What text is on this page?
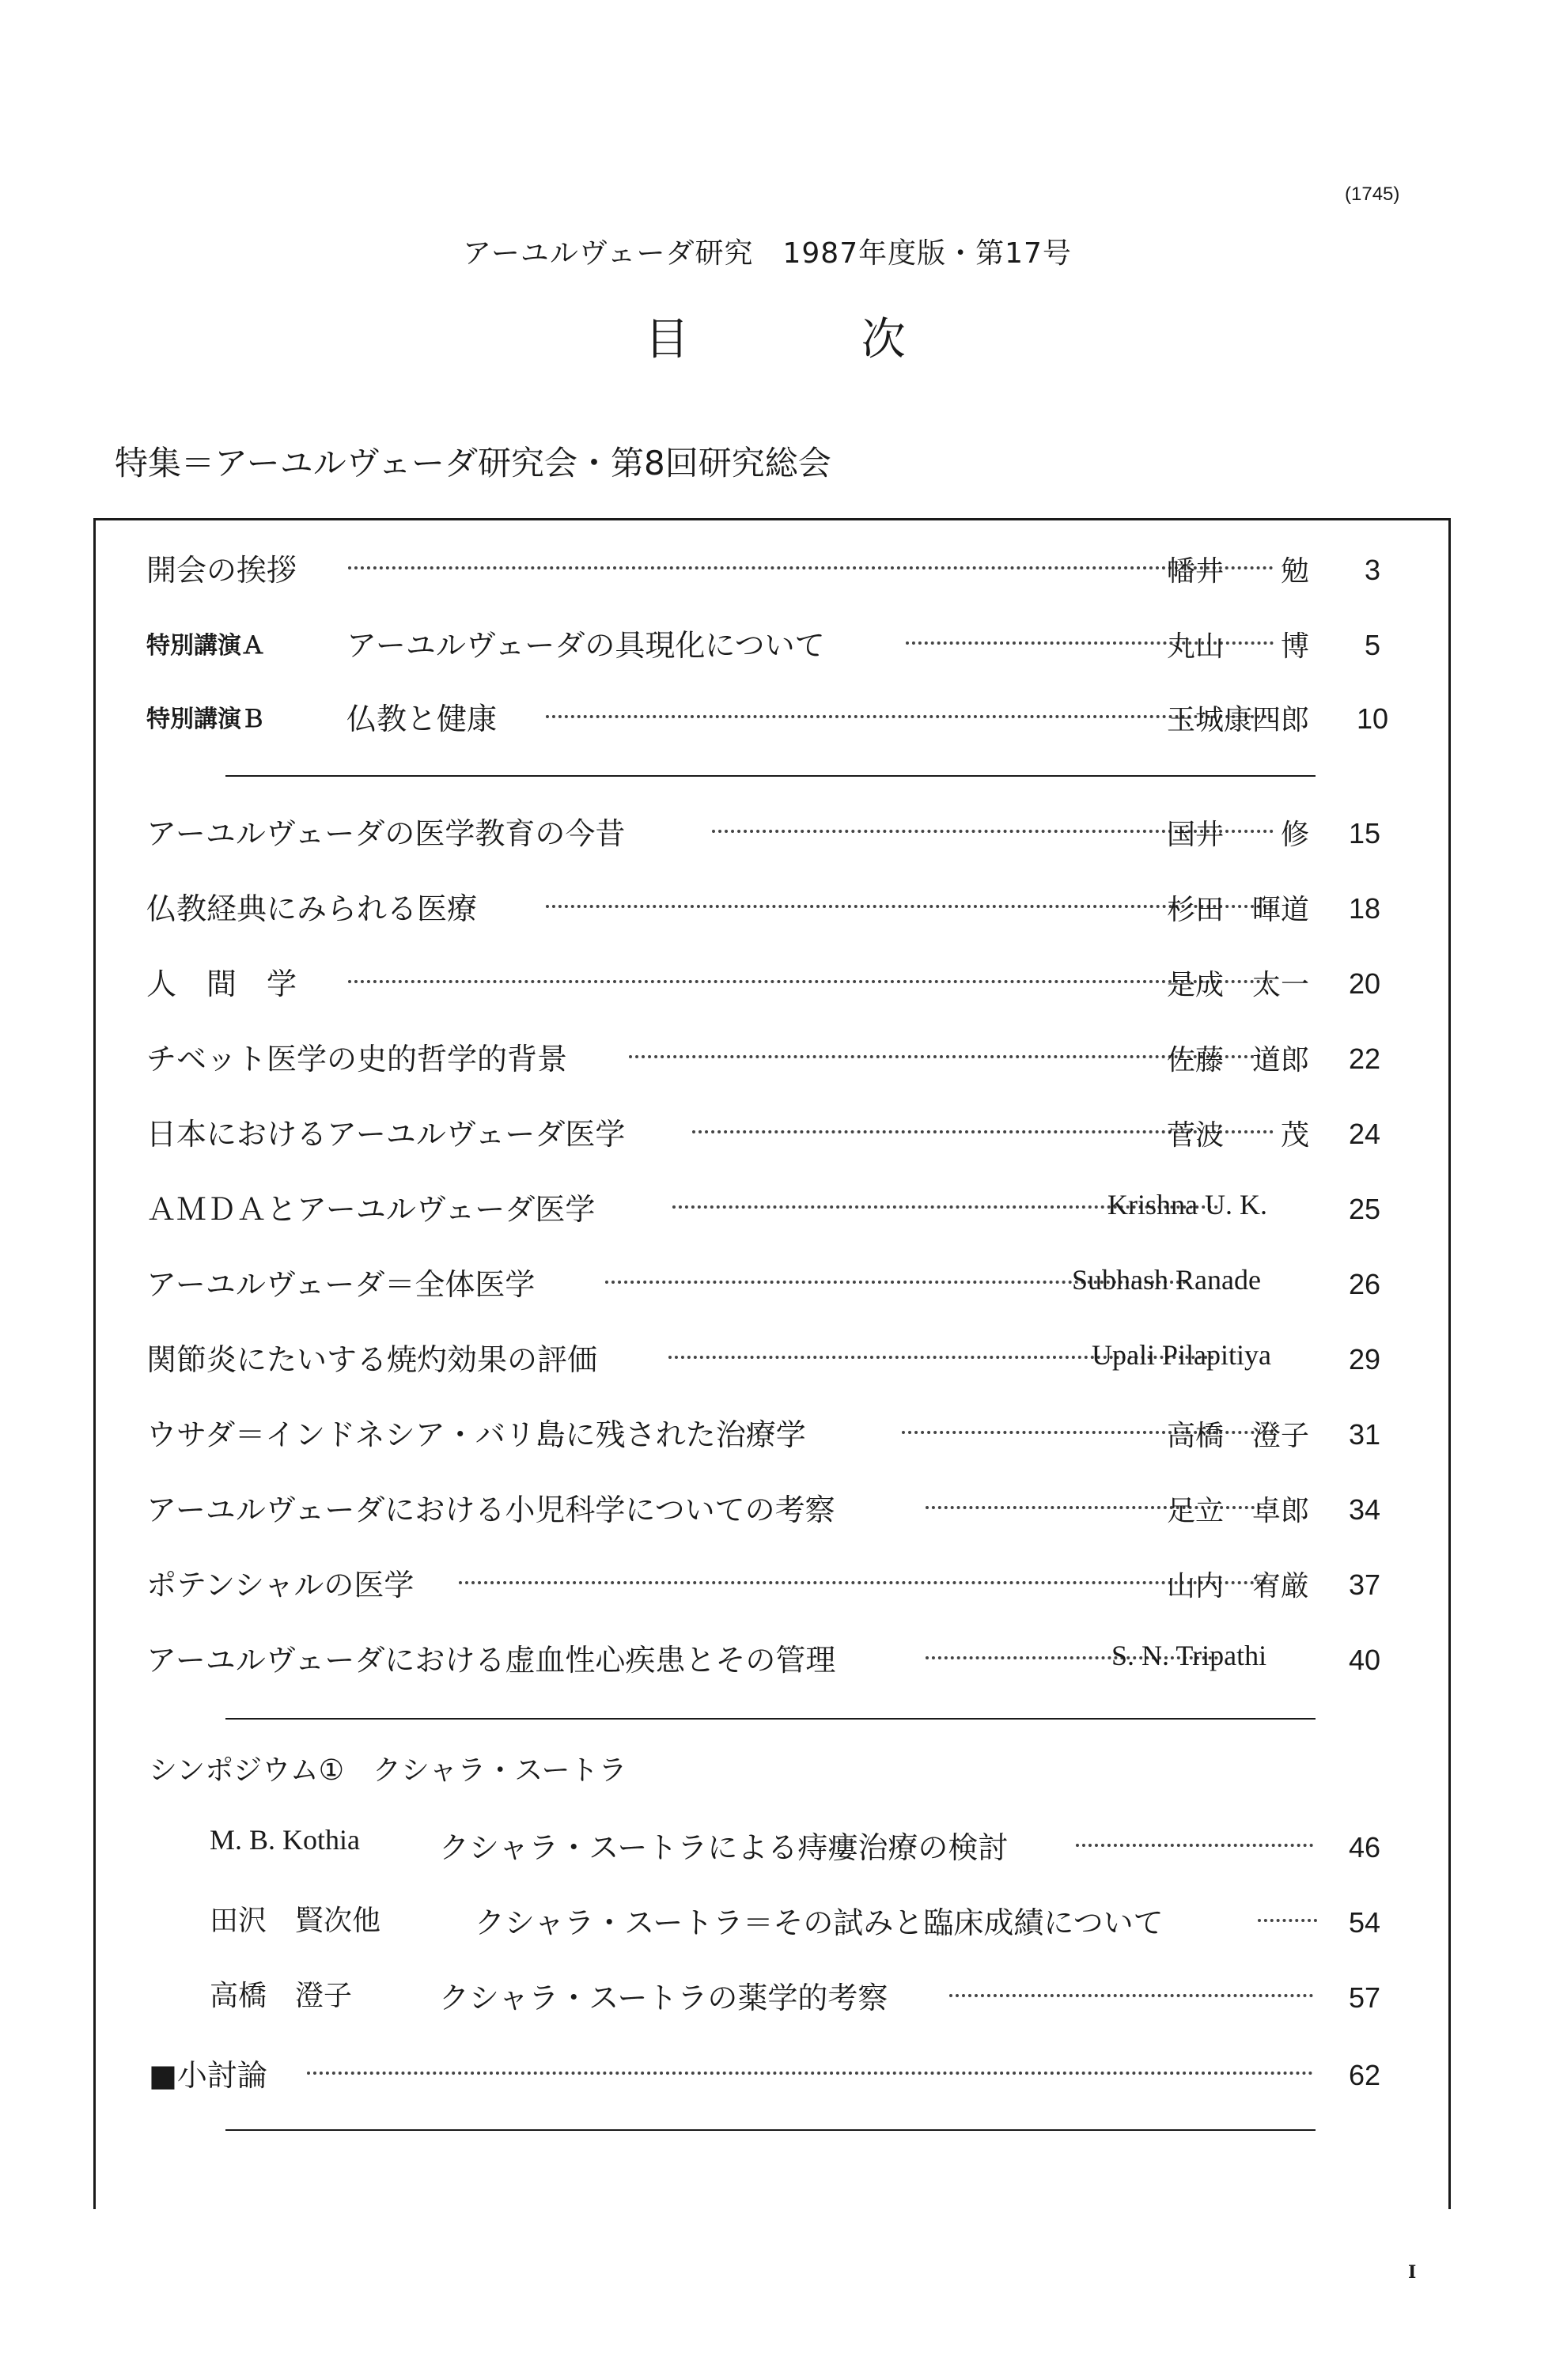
(1745)
アーユルヴェーダ研究　1987年度版・第17号
目 次
特集＝アーユルヴェーダ研究会・第8回研究総会
開会の挨拶	幡井　　勉 3
特別講演Ａ	アーユルヴェーダの具現化について	丸山　　博 5
特別講演Ｂ	仏教と健康	玉城康四郎 10
アーユルヴェーダの医学教育の今昔	国井　　修 15
仏教経典にみられる医療	杉田　暉道 18
人　間　学	是成　太一 20
チベット医学の史的哲学的背景	佐藤　道郎 22
日本におけるアーユルヴェーダ医学	菅波　　茂 24
ＡＭＤＡとアーユルヴェーダ医学	Krishna U. K.	25
アーユルヴェーダ＝全体医学	Subhash Ranade	26
関節炎にたいする焼灼効果の評価	Upali Pilapitiya	29
ウサダ＝インドネシア・バリ島に残された治療学	高橋　澄子 31
アーユルヴェーダにおける小児科学についての考察	足立　卓郎 34
ポテンシャルの医学	山内　宥厳 37
アーユルヴェーダにおける虚血性心疾患とその管理	S. N. Tripathi	40
シンポジウム①　クシャラ・スートラ
M. B. Kothia	クシャラ・スートラによる痔瘻治療の検討	46
田沢　賢次他	クシャラ・スートラ＝その試みと臨床成績について	54
高橋　澄子	クシャラ・スートラの薬学的考察	57
■小討論	62
I
